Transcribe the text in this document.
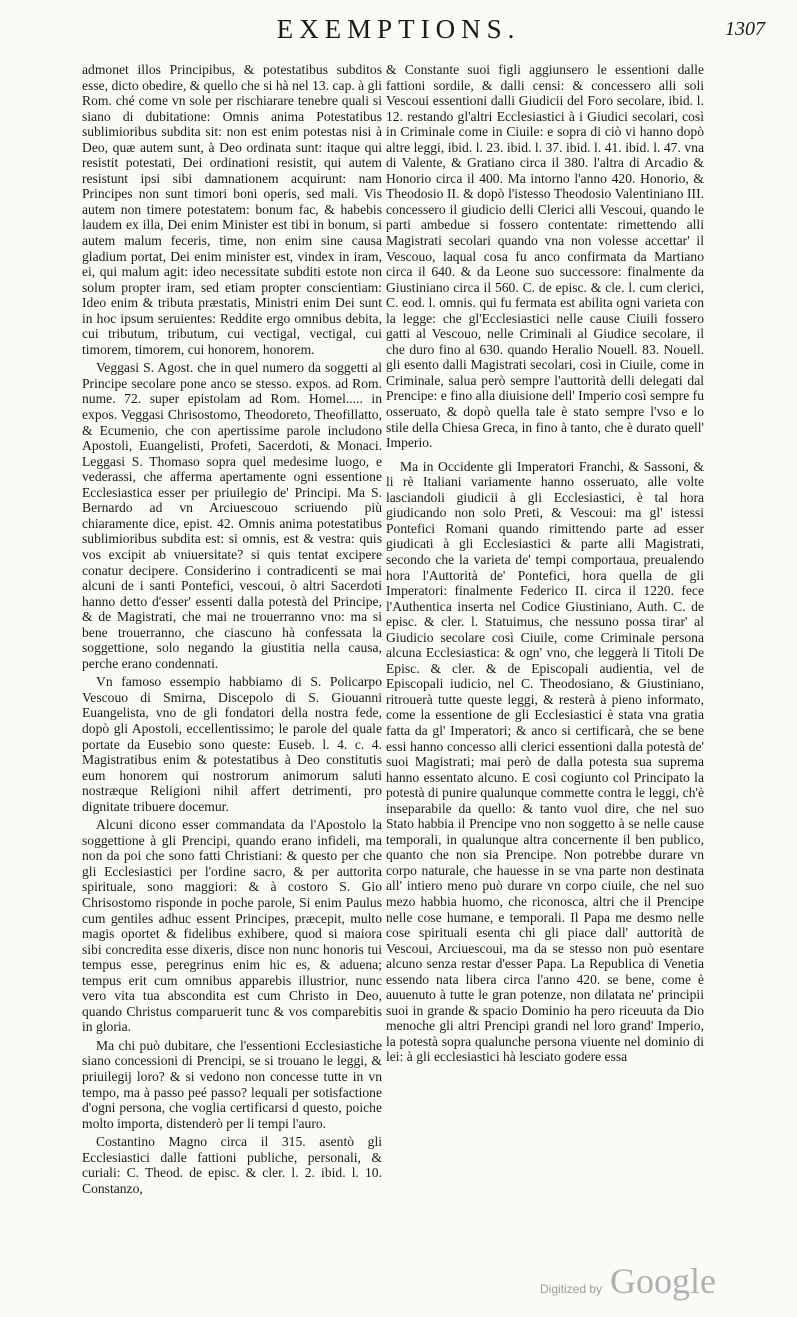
EXEMPTIONS.	1307

admonet illos Principibus, & potestatibus subditos esse, dicto obedire, & quello che si hà nel 13. cap. à gli Rom. ché come vn sole per rischiarare tenebre quali si siano di dubitatione: Omnis anima Potestatibus sublimioribus subdita sit: non est enim potestas nisi à Deo, quæ autem sunt, à Deo ordinata sunt: itaque qui resistit potestati, Dei ordinationi resistit, qui autem resistunt ipsi sibi damnationem acquirunt: nam Principes non sunt timori boni operis, sed mali. Vis autem non timere potestatem: bonum fac, & habebis laudem ex illa, Dei enim Minister est tibi in bonum, si autem malum feceris, time, non enim sine causa gladium portat, Dei enim minister est, vindex in iram, ei, qui malum agit: ideo necessitate subditi estote non solum propter iram, sed etiam propter conscientiam: Ideo enim & tributa præstatis, Ministri enim Dei sunt in hoc ipsum seruientes: Reddite ergo omnibus debita, cui tributum, tributum, cui vectigal, vectigal, cui timorem, timorem, cui honorem, honorem.

Veggasi S. Agost. che in quel numero da soggetti al Principe secolare pone anco se stesso. expos. ad Rom. nume. 72. super epistolam ad Rom. Homel..... in expos. Veggasi Chrisostomo, Theodoreto, Theofillatto, & Ecumenio, che con apertissime parole includono Apostoli, Euangelisti, Profeti, Sacerdoti, & Monaci. Leggasi S. Thomaso sopra quel medesime luogo, e vederassi, che afferma apertamente ogni essentione Ecclesiastica esser per priuilegio de' Principi. Ma S. Bernardo ad vn Arciuescouo scriuendo più chiaramente dice, epist. 42. Omnis anima potestatibus sublimioribus subdita est: si omnis, est & vestra: quis vos excipit ab vniuersitate? si quis tentat excipere conatur decipere. Considerino i contradicenti se mai alcuni de i santi Pontefici, vescoui, ò altri Sacerdoti hanno detto d'esser' essenti dalla potestà del Principe, & de Magistrati, che mai ne trouerranno vno: ma si bene trouerranno, che ciascuno hà confessata la soggettione, solo negando la giustitia nella causa, perche erano condennati.

Vn famoso essempio habbiamo di S. Policarpo Vescouo di Smirna, Discepolo di S. Giouanni Euangelista, vno de gli fondatori della nostra fede, dopò gli Apostoli, eccellentissimo; le parole del quale portate da Eusebio sono queste: Euseb. l. 4. c. 4. Magistratibus enim & potestatibus à Deo constitutis eum honorem qui nostrorum animorum saluti nostræque Religioni nihil affert detrimenti, pro dignitate tribuere docemur.

Alcuni dicono esser commandata da l'Apostolo la soggettione à gli Prencipi, quando erano infideli, ma non da poi che sono fatti Christiani: & questo per che gli Ecclesiastici per l'ordine sacro, & per auttorita spirituale, sono maggiori: & à costoro S. Gio Chrisostomo risponde in poche parole, Si enim Paulus cum gentiles adhuc essent Principes, præcepit, multo magis oportet & fidelibus exhibere, quod si maiora sibi concredita esse dixeris, disce non nunc honoris tui tempus esse, peregrinus enim hic es, & aduena; tempus erit cum omnibus apparebis illustrior, nunc vero vita tua abscondita est cum Christo in Deo, quando Christus comparuerit tunc & vos comparebitis in gloria.

Ma chi può dubitare, che l'essentioni Ecclesiastiche siano concessioni di Prencipi, se si trouano le leggi, & priuilegij loro? & si vedono non concesse tutte in vn tempo, ma à passo peé passo? lequali per sotisfactione d'ogni persona, che voglia certificarsi d questo, poiche molto importa, distenderò per li tempi l'auro.

Costantino Magno circa il 315. asentò gli Ecclesiastici dalle fattioni publiche, personali, & curiali: C. Theod. de episc. & cler. l. 2. ibid. l. 10. Constanzo,

& Constante suoi figli aggiunsero le essentioni dalle fattioni sordile, & dalli censi: & concessero alli soli Vescoui essentioni dalli Giudicii del Foro secolare, ibid. l. 12. restando gl'altri Ecclesiastici à i Giudici secolari, così in Criminale come in Ciuile: e sopra di ciò vi hanno dopò altre leggi, ibid. l. 23. ibid. l. 37. ibid. l. 41. ibid. l. 47. vna di Valente, & Gratiano circa il 380. l'altra di Arcadio & Honorio circa il 400. Ma intorno l'anno 420. Honorio, & Theodosio II. & dopò l'istesso Theodosio Valentiniano III. concessero il giudicio delli Clerici alli Vescoui, quando le parti ambedue si fossero contentate: rimettendo alli Magistrati secolari quando vna non volesse accettar' il Vescouo, laqual cosa fu anco confirmata da Martiano circa il 640. & da Leone suo successore: finalmente da Giustiniano circa il 560. C. de episc. & cle. l. cum clerici, C. eod. l. omnis. qui fu fermata est abilita ogni varieta con la legge: che gl'Ecclesiastici nelle cause Ciuili fossero gatti al Vescouo, nelle Criminali al Giudice secolare, il che duro fino al 630. quando Heralio Nouell. 83. Nouell. gli esento dalli Magistrati secolari, così in Ciuile, come in Criminale, salua però sempre l'auttorità delli delegati dal Prencipe: e fino alla diuisione dell' Imperio così sempre fu osseruato, & dopò quella tale è stato sempre l'vso e lo stile della Chiesa Greca, in fino à tanto, che è durato quell' Imperio.

Ma in Occidente gli Imperatori Franchi, & Sassoni, & li rè Italiani variamente hanno osseruato, alle volte lasciandoli giudicii à gli Ecclesiastici, è tal hora giudicando non solo Preti, & Vescoui: ma gl' istessi Pontefici Romani quando rimittendo parte ad esser giudicati à gli Ecclesiastici & parte alli Magistrati, secondo che la varieta de' tempi comportaua, preualendo hora l'Auttorità de' Pontefici, hora quella de gli Imperatori: finalmente Federico II. circa il 1220. fece l'Authentica inserta nel Codice Giustiniano, Auth. C. de episc. & cler. l. Statuimus, che nessuno possa tirar' al Giudicio secolare così Ciuile, come Criminale persona alcuna Ecclesiastica: & ogn' vno, che leggerà li Titoli De Episc. & cler. & de Episcopali audientia, vel de Episcopali iudicio, nel C. Theodosiano, & Giustiniano, ritrouerà tutte queste leggi, & resterà à pieno informato, come la essentione de gli Ecclesiastici è stata vna gratia fatta da gl' Imperatori; & anco si certificarà, che se bene essi hanno concesso alli clerici essentioni dalla potestà de' suoi Magistrati; mai però de dalla potesta sua suprema hanno essentato alcuno. E così cogiunto col Principato la potestà di punire qualunque commette contra le leggi, ch'è inseparabile da quello: & tanto vuol dire, che nel suo Stato habbia il Prencipe vno non soggetto à se nelle cause temporali, in qualunque altra concernente il ben publico, quanto che non sia Prencipe. Non potrebbe durare vn corpo naturale, che hauesse in se vna parte non destinata all' intiero meno può durare vn corpo ciuile, che nel suo mezo habbia huomo, che riconosca, altri che il Prencipe nelle cose humane, e temporali. Il Papa me desmo nelle cose spirituali esenta chi gli piace dall' auttorità de Vescoui, Arciuescoui, ma da se stesso non può esentare alcuno senza restar d'esser Papa. La Republica di Venetia essendo nata libera circa l'anno 420. se bene, come è auuenuto à tutte le gran potenze, non dilatata ne' principii suoi in grande & spacio Dominio ha pero riceuuta da Dio menoche gli altri Prencipi grandi nel loro grand' Imperio, la potestà sopra qualunche persona viuente nel dominio di lei: à gli ecclesiastici hà lesciato godere essa

Digitized by Google
